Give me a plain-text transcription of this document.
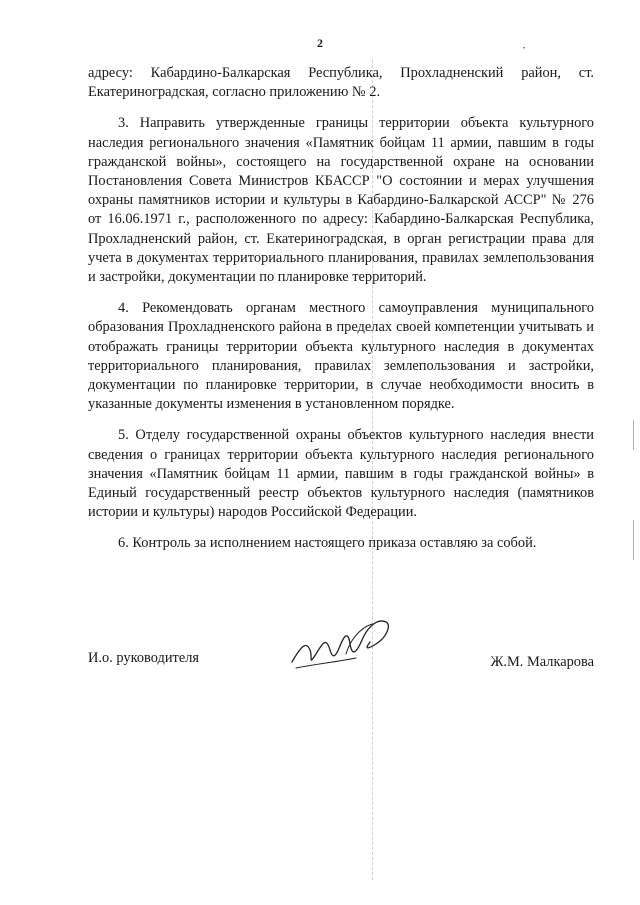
2	·

адресу: Кабардино-Балкарская Республика, Прохладненский район, ст. Екатериноградская, согласно приложению № 2.

3. Направить утвержденные границы территории объекта культурного наследия регионального значения «Памятник бойцам 11 армии, павшим в годы гражданской войны», состоящего на государственной охране на основании Постановления Совета Министров КБАССР "О состоянии и мерах улучшения охраны памятников истории и культуры в Кабардино-Балкарской АССР" № 276 от 16.06.1971 г., расположенного по адресу: Кабардино-Балкарская Республика, Прохладненский район, ст. Екатериноградская, в орган регистрации права для учета в документах территориального планирования, правилах землепользования и застройки, документации по планировке территорий.

4. Рекомендовать органам местного самоуправления муниципального образования Прохладненского района в пределах своей компетенции учитывать и отображать границы территории объекта культурного наследия в документах территориального планирования, правилах землепользования и застройки, документации по планировке территории, в случае необходимости вносить в указанные документы изменения в установленном порядке.

5. Отделу государственной охраны объектов культурного наследия внести сведения о границах территории объекта культурного наследия регионального значения «Памятник бойцам 11 армии, павшим в годы гражданской войны» в Единый государственный реестр объектов культурного наследия (памятников истории и культуры) народов Российской Федерации.

6. Контроль за исполнением настоящего приказа оставляю за собой.

И.о. руководителя	Ж.М. Малкарова
